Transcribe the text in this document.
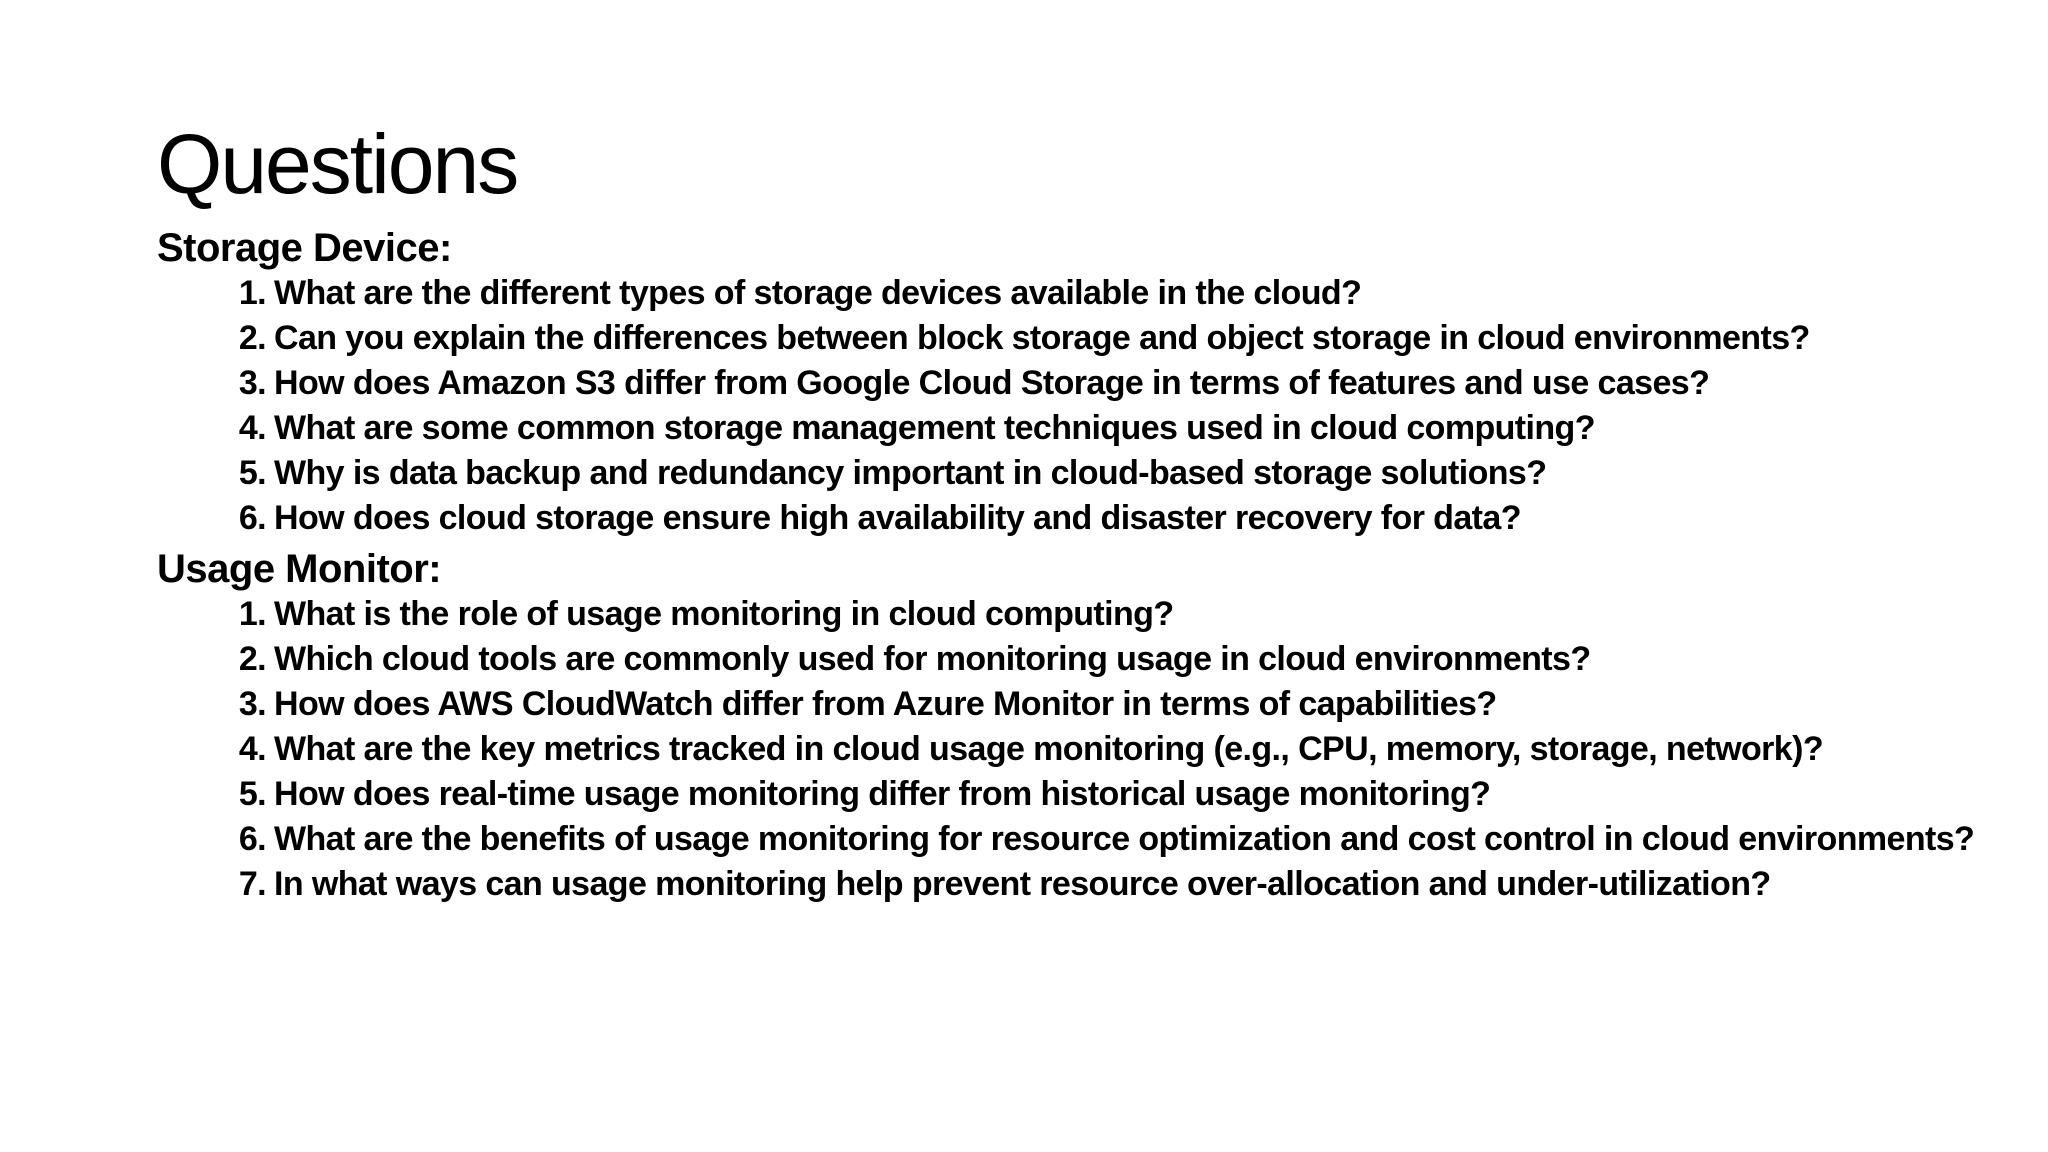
Questions
Storage Device:
1. What are the different types of storage devices available in the cloud?
2. Can you explain the differences between block storage and object storage in cloud environments?
3. How does Amazon S3 differ from Google Cloud Storage in terms of features and use cases?
4. What are some common storage management techniques used in cloud computing?
5. Why is data backup and redundancy important in cloud-based storage solutions?
6. How does cloud storage ensure high availability and disaster recovery for data?
Usage Monitor:
1. What is the role of usage monitoring in cloud computing?
2. Which cloud tools are commonly used for monitoring usage in cloud environments?
3. How does AWS CloudWatch differ from Azure Monitor in terms of capabilities?
4. What are the key metrics tracked in cloud usage monitoring (e.g., CPU, memory, storage, network)?
5. How does real-time usage monitoring differ from historical usage monitoring?
6. What are the benefits of usage monitoring for resource optimization and cost control in cloud environments?
7. In what ways can usage monitoring help prevent resource over-allocation and under-utilization?
